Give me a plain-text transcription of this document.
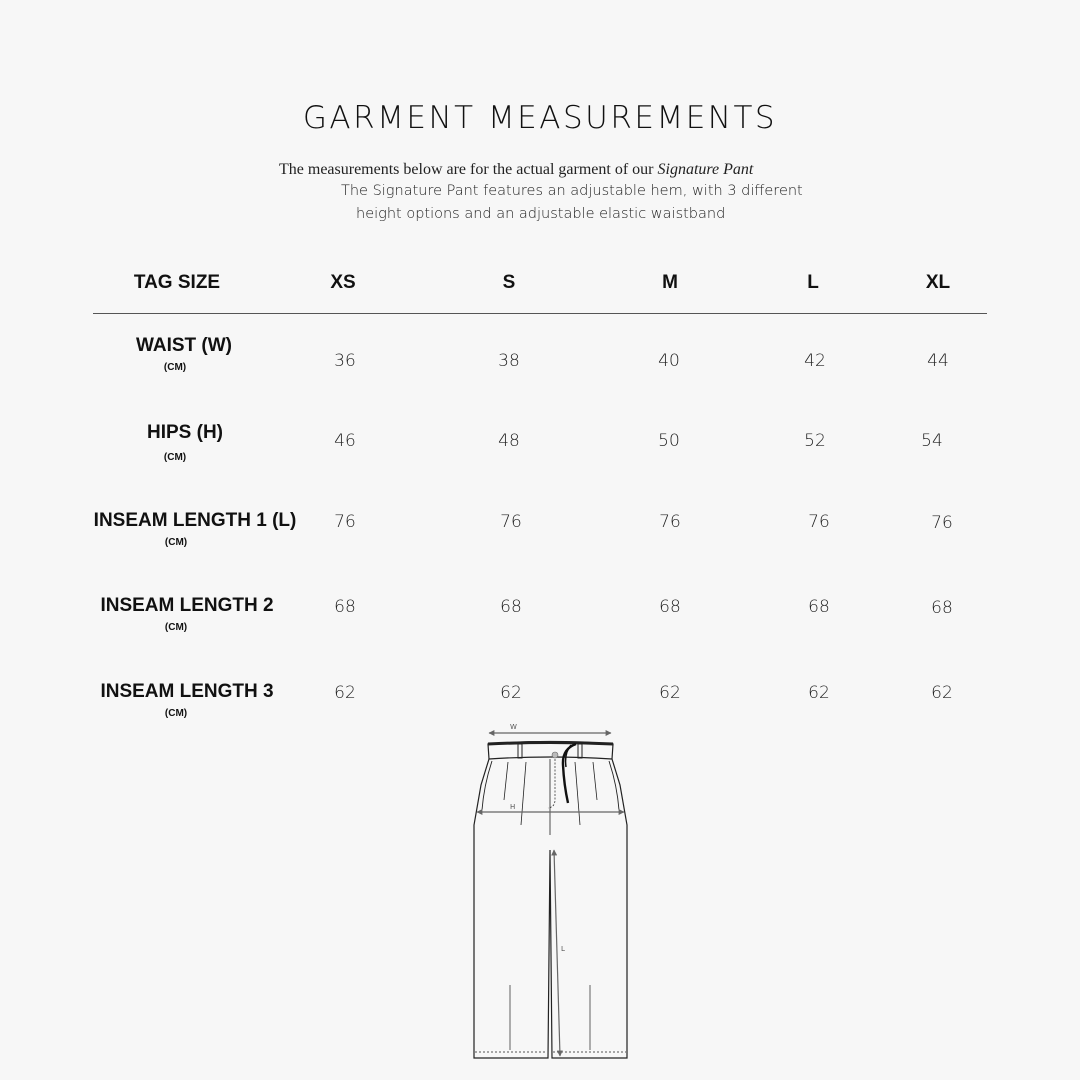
GARMENT MEASUREMENTS
The measurements below are for the actual garment of our Signature Pant
The Signature Pant features an adjustable hem, with 3 different
height options and an adjustable elastic waistband
TAG SIZE	XS	S	M	L	XL
WAIST (W)
(CM)	36	38	40	42	44
HIPS (H)
(CM)
46	48	50	52	54
INSEAM LENGTH 1 (L)
(CM)
76	76	76	76	76
INSEAM LENGTH 2
(CM)
68	68	68	68	68
INSEAM LENGTH 3
(CM)
62	62	62	62	62
W
H
L
